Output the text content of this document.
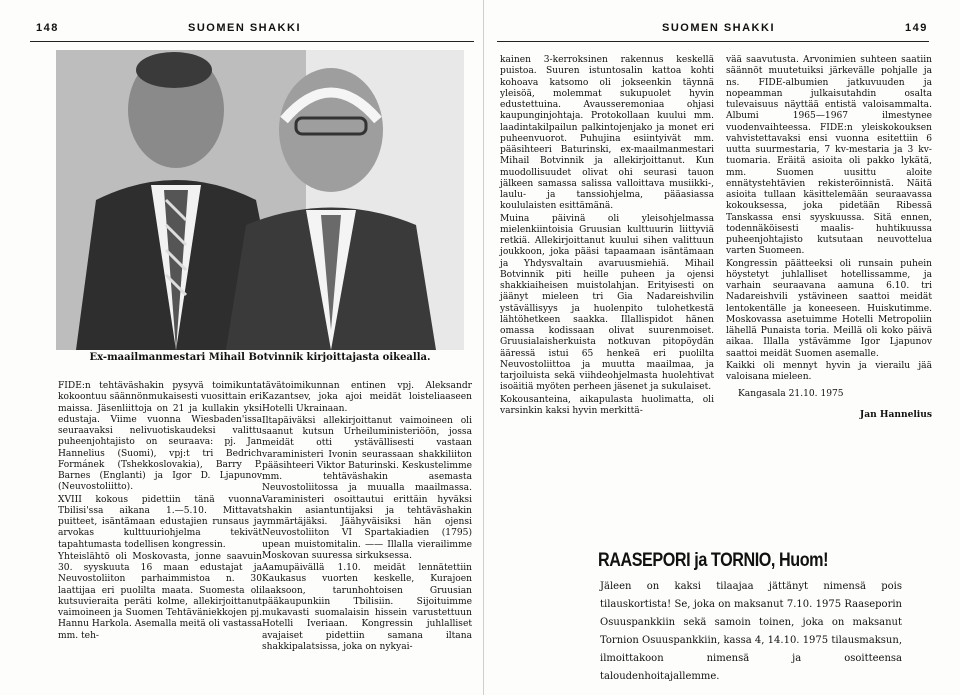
148	SUOMEN SHAKKI
Ex-maailmanmestari Mihail Botvinnik kirjoittajasta oikealla.

FIDE:n tehtäväshakin pysyvä toimikunta kokoontuu säännönmukaisesti vuosittain eri maissa. Jäsenliittoja on 21 ja kullakin yksi edustaja. Viime vuonna Wiesbaden'issa seuraavaksi nelivuotiskaudeksi valittu puheenjohtajisto on seuraava: pj. Jan Hannelius (Suomi), vpj:t tri Bedrich Formánek (Tshekkoslovakia), Barry P. Barnes (Englanti) ja Igor D. Ljapunov (Neuvostoliitto).

XVIII kokous pidettiin tänä vuonna Tbilisi'ssa aikana 1.—5.10. Mittavat puitteet, isäntämaan edustajien runsaus ja arvokas kulttuuriohjelma tekivät tapahtumasta todellisen kongressin.

Yhteislähtö oli Moskovasta, jonne saavuin 30. syyskuuta 16 maan edustajat ja Neuvostoliiton parhaimmistoa n. 30 laattijaa eri puolilta maata. Suomesta oli kutsuvieraita peräti kolme, allekirjoittanut vaimoineen ja Suomen Tehtäväniekkojen pj. Hannu Harkola. Asemalla meitä oli vastassa mm. teh-

tävätoimikunnan entinen vpj. Aleksandr Kazantsev, joka ajoi meidät loisteliaaseen Hotelli Ukrainaan.

Iltapäiväksi allekirjoittanut vaimoineen oli saanut kutsun Urheiluministeriöön, jossa meidät otti ystävällisesti vastaan varaministeri Ivonin seurassaan shakkiliiton pääsihteeri Viktor Baturinski. Keskustelimme mm. tehtäväshakin asemasta Neuvostoliitossa ja muualla maailmassa. Varaministeri osoittautui erittäin hyväksi shakin asiantuntijaksi ja tehtäväshakin ymmärtäjäksi. Jäähyväisiksi hän ojensi Neuvostoliiton VI Spartakiadien (1795) upean muistomitalin. —— Illalla vierailimme Moskovan suuressa sirkuksessa.

Aamupäivällä 1.10. meidät lennätettiin Kaukasus vuorten keskelle, Kurajoen laaksoon, tarunhohtoisen Gruusian pääkaupunkiin Tbilisiin. Sijoituimme mukavasti suomalaisin hissein varustettuun Hotelli Iveriaan. Kongressin juhlalliset avajaiset pidettiin samana iltana shakkipalatsissa, joka on nykyai-

SUOMEN SHAKKI	149

kainen 3-kerroksinen rakennus keskellä puistoa. Suuren istuntosalin kattoa kohti kohoava katsomo oli jokseenkin täynnä yleisöä, molemmat sukupuolet hyvin edustettuina. Avausseremoniaa ohjasi kaupunginjohtaja. Protokollaan kuului mm. laadintakilpailun palkintojenjako ja monet eri puheenvuorot. Puhujina esiintyivät mm. pääsihteeri Baturinski, ex-maailmanmestari Mihail Botvinnik ja allekirjoittanut. Kun muodollisuudet olivat ohi seurasi tauon jälkeen samassa salissa valloittava musiikki-, laulu- ja tanssiohjelma, pääasiassa koululaisten esittämänä.

Muina päivinä oli yleisohjelmassa mielenkiintoisia Gruusian kulttuurin liittyviä retkiä. Allekirjoittanut kuului sihen valittuun joukkoon, joka pääsi tapaamaan isäntämaan ja Yhdysvaltain avaruusmiehiä. Mihail Botvinnik piti heille puheen ja ojensi shakkiaiheisen muistolahjan. Erityisesti on jäänyt mieleen tri Gia Nadareishvilin ystävällisyys ja huolenpito tulohetkestä lähtöhetkeen saakka. Illallispidot hänen omassa kodissaan olivat suurenmoiset. Gruusialaisherkuista notkuvan pitopöydän ääressä istui 65 henkeä eri puolilta Neuvostoliittoa ja muutta maailmaa, ja tarjoiluista sekä viihdeohjelmasta huolehtivat isoäitiä myöten perheen jäsenet ja sukulaiset.

Kokousanteina, aikapulasta huolimatta, oli varsinkin kaksi hyvin merkittä-

vää saavutusta. Arvonimien suhteen saatiin säännöt muutetuiksi järkevälle pohjalle ja ns. FIDE-albumien jatkuvuuden ja nopeamman julkaisutahdin osalta tulevaisuus näyttää entistä valoisammalta. Albumi 1965—1967 ilmestynee vuodenvaihteessa. FIDE:n yleiskokouksen vahvistettavaksi ensi vuonna esitettiin 6 uutta suurmestaria, 7 kv-mestaria ja 3 kv-tuomaria. Eräitä asioita oli pakko lykätä, mm. Suomen uusittu aloite ennätystehtävien rekisteröinnistä. Näitä asioita tullaan käsittelemään seuraavassa kokouksessa, joka pidetään Ribessä Tanskassa ensi syyskuussa. Sitä ennen, todennäköisesti maalis- huhtikuussa puheenjohtajisto kutsutaan neuvottelua varten Suomeen.

Kongressin päätteeksi oli runsain puhein höystetyt juhlalliset hotellissamme, ja varhain seuraavana aamuna 6.10. tri Nadareishvili ystävineen saattoi meidät lentokentälle ja koneeseen. Huiskutimme. Moskovassa asetuimme Hotelli Metropoliin lähellä Punaista toria. Meillä oli koko päivä aikaa. Illalla ystävämme Igor Ljapunov saattoi meidät Suomen asemalle.

Kaikki oli mennyt hyvin ja vierailu jää valoisana mieleen.

Kangasala 21.10. 1975
Jan Hannelius
RAASEPORI ja TORNIO, Huom!
Jäleen on kaksi tilaajaa jättänyt nimensä pois tilauskortista! Se, joka on maksanut 7.10. 1975 Raaseporin Osuuspankkiin sekä samoin toinen, joka on maksanut Tornion Osuuspankkiin, kassa 4, 14.10. 1975 tilausmaksun, ilmoittakoon nimensä ja osoitteensa taloudenhoitajallemme.
